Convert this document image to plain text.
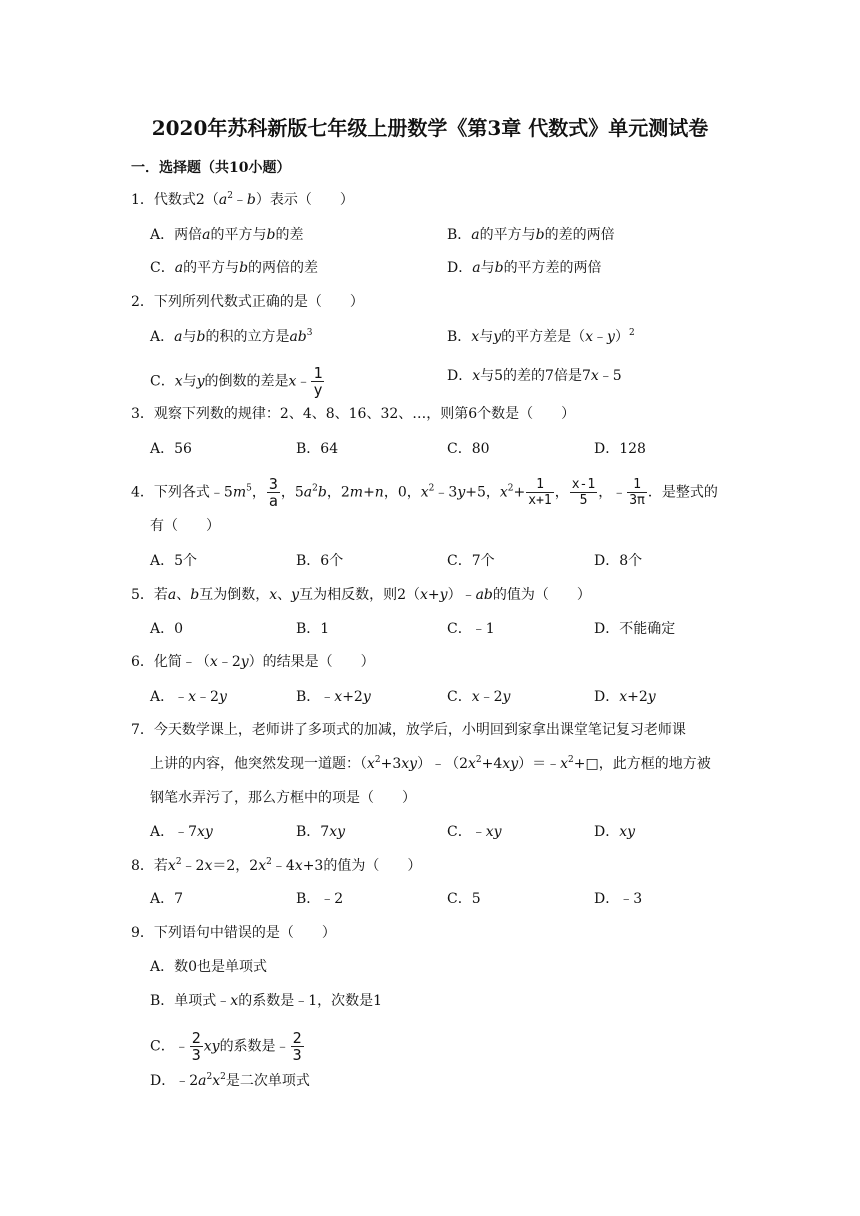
2020年苏科新版七年级上册数学《第3章 代数式》单元测试卷
一．选择题（共10小题）
1．代数式$2(a^2﹣b)$表示（　　）
A．两倍a的平方与b的差	B．a的平方与b的差的两倍
C．a的平方与b的两倍的差	D．a与b的平方差的两倍
2．下列所列代数式正确的是（　　）
A．a与b的积的立方是$ab^3$	B．x与y的平方差是（x﹣y）$^2$
C．x与y的倒数的差是x﹣ $\frac{1}{y}$	D．x与5的差的7倍是7x﹣5
3．观察下列数的规律：2、4、8、16、32、…，则第6个数是（　　）
A．56	B．64	C．80	D．128
4．下列各式$﹣5m^5$， $\frac{3}{a}$ ，$5a^2b$，2m+n，0，$x^2﹣3y+5$，$x^2+ \frac{1}{x+1}$ ， $\frac{x-1}{5}$ ，﹣ $\frac{1}{3\pi}$ ．是整式的
有（　　）
A．5个	B．6个	C．7个	D．8个
5．若a、b互为倒数，x、y互为相反数，则2（x+y）﹣ab的值为（　　）
A．0	B．1	C．﹣1	D．不能确定
6．化简﹣（x﹣2y）的结果是（　　）
A．﹣x﹣2y	B．﹣x+2y	C．x﹣2y	D．x+2y
7．今天数学课上，老师讲了多项式的加减，放学后，小明回到家拿出课堂笔记复习老师课
上讲的内容，他突然发现一道题：$(x^2+3xy)﹣(2x^2+4xy)=﹣x^2+□$，此方框的地方被
钢笔水弄污了，那么方框中的项是（　　）
A．﹣7xy	B．7xy	C．﹣xy	D．xy
8．若$x^2﹣2x=2$，$2x^2﹣4x+3$的值为（　　）
A．7	B．﹣2	C．5	D．﹣3
9．下列语句中错误的是（　　）
A．数0也是单项式
B．单项式﹣x的系数是﹣1，次数是1
C．﹣ $\frac{2}{3}$ xy的系数是﹣ $\frac{2}{3}$
D．$﹣2a^2x^2$是二次单项式
